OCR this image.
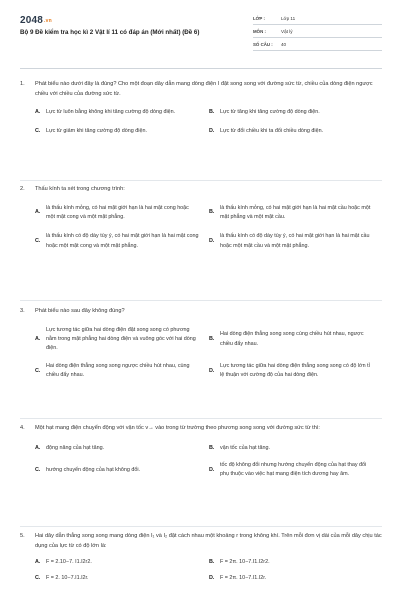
2048.vn
Bộ 9 Đề kiểm tra học kì 2 Vật lí 11 có đáp án (Mới nhất) (Đề 6)
LỚP :	Lớp 11
MÔN :	Vật lý
SỐ CÂU :	40
1.	Phát biểu nào dưới đây là đúng? Cho một đoạn dây dẫn mang dòng điện I đặt song song với đường sức từ, chiều của dòng điện ngược chiều với chiều của đường sức từ.
A.	Lực từ luôn bằng không khi tăng cường độ dòng điện.	B.	Lực từ tăng khi tăng cường độ dòng điện.
C.	Lực từ giảm khi tăng cường độ dòng điện.	D.	Lực từ đổi chiều khi ta đổi chiều dòng điện.
2.	Thấu kính ta xét trong chương trình:
A.
là thấu kính mỏng, có hai mặt giới hạn là hai mặt cong hoặc một mặt cong và một mặt phẳng.
B.
là thấu kính mỏng, có hai mặt giới hạn là hai mặt cầu hoặc một mặt phẳng và một mặt cầu.
C.
là thấu kính có độ dày tùy ý, có hai mặt giới hạn là hai mặt cong hoặc một mặt cong và một mặt phẳng.
D.
là thấu kính có độ dày tùy ý, có hai mặt giới hạn là hai mặt cầu hoặc một mặt cầu và một mặt phẳng.
3.	Phát biểu nào sau đây không đúng?
A.
Lực tương tác giữa hai dòng điện đặt song song có phương nằm trong mặt phẳng hai dòng điện và vuông góc với hai dòng điện.
B.
Hai dòng điện thẳng song song cùng chiều hút nhau, ngược chiều đẩy nhau.
C.
Hai dòng điện thẳng song song ngược chiều hút nhau, cùng chiều đẩy nhau.
D.
Lực tương tác giữa hai dòng điện thẳng song song có độ lớn tỉ lệ thuận với cường độ của hai dòng điện.
4.	Một hạt mang điện chuyển động với vận tốc v→ vào trong từ trường theo phương song song với đường sức từ thì:
A.	động năng của hạt tăng.	B.	vận tốc của hạt tăng.
C.	hướng chuyển động của hạt không đổi.	D.
tốc độ không đổi nhưng hướng chuyển động của hạt thay đổi phụ thuộc vào việc hạt mang điện tích dương hay âm.
5.	Hai dây dẫn thẳng song song mang dòng điện I₁ và I₂ đặt cách nhau một khoảng r trong không khí. Trên mỗi đơn vị dài của mỗi dây chịu tác dụng của lực từ có độ lớn là:
A.	F = 2.10−7. I1.I2r2.	B.	F = 2π. 10−7.I1.I2r2.
C.	F = 2. 10−7.I1.I2r.	D.	F = 2π. 10−7.I1.I2r.
